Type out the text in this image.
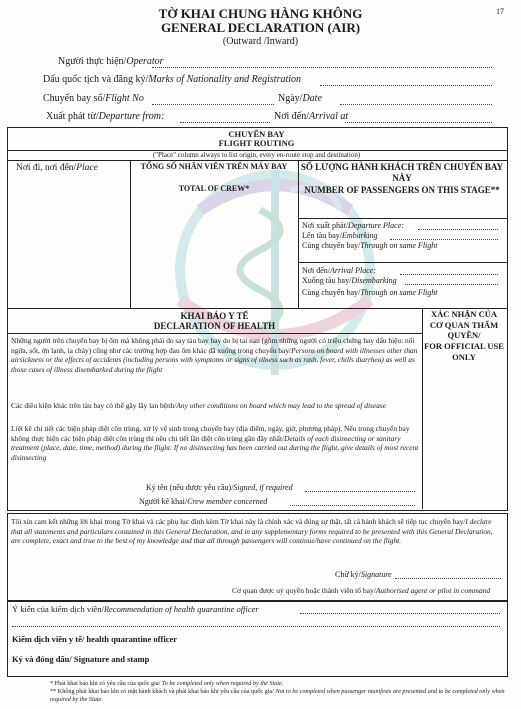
17
TỜ KHAI CHUNG HÀNG KHÔNG
GENERAL DECLARATION (AIR)
(Outward /Inward)
Người thực hiện/Operator
Dấu quốc tịch và đăng ký/Marks of Nationality and Registration
Chuyến bay số/Flight No	Ngày/Date
Xuất phát từ/Departure from:	Nơi đến/Arrival at
CHUYẾN BAY
FLIGHT ROUTING
("Place" column always to list origin, every en-route stop and destination)
Nơi đi, nơi đến/Place	TỔNG SỐ NHÂN VIÊN TRÊN MÁY BAY
TOTAL OF CREW*
SỐ LƯỢNG HÀNH KHÁCH TRÊN CHUYẾN BAY NÀY
NUMBER OF PASSENGERS ON THIS STAGE**
Nơi xuất phát/Departure Place:
Lên tàu bay/Embarking
Cùng chuyến bay/Through on same Flight
Nơi đến/Arrival Place:
Xuống tàu bay/Disembarking
Cùng chuyến bay/Through on same Flight
KHAI BÁO Y TẾ
DECLARATION OF HEALTH
XÁC NHẬN CỦA CƠ QUAN THẨM QUYỀN/
FOR OFFICIAL USE ONLY
Những người trên chuyến bay bị ốm mà không phải do say tàu bay hay do bị tai nạn (gồm những người có triệu chứng hay dấu hiệu: nổi ngứa, sốt, ớn lạnh, ỉa chảy) cũng như các trường hợp đau ốm khác đã xuống trong chuyến bay/Persons on board with illnesses other than airsickness or the effects of accidents (including persons with symptoms or signs of illness such as rash, fever, chills diarrhea) as well as those cases of illness disembarked during the flight
Các điều kiện khác trên tàu bay có thể gây lây lan bệnh/Any other conditions on board which may lead to the spread of disease
Liệt kê chi tiết các biện pháp diệt côn trùng, xử lý vệ sinh trong chuyến bay (địa điểm, ngày, giờ, phương pháp). Nếu trong chuyến bay không thực hiện các biện pháp diệt côn trùng thì nêu chi tiết lần diệt côn trùng gần đây nhất/Details of each disinsecting or sanitary treatment (place, date, time, method) during the flight. If no disinsecting has been carried out during the flight, give details of most recent disinsecting
Ký tên (nếu được yêu cầu)/Signed, if required
Người kê khai/Crew member concerned
Tôi xin cam kết những lời khai trong Tờ khai và các phụ lục đính kèm Tờ khai này là chính xác và đúng sự thật, tất cả hành khách sẽ tiếp tục chuyến bay/I declare that all statements and particulars contained in this General Declaration, and in any supplementary forms required to be presented with this General Declaration, are complete, exact and true to the best of my knowledge and that all through passengers will continue/have continued on the flight.
Chữ ký/Signature
Cơ quan được uỷ quyền hoặc thành viên tổ bay/Authorised agent or pilot in command
Ý kiến của kiểm dịch viên/Recommendation of health quarantine officer
Kiểm dịch viên y tế/ health quarantine officer
Ký và đóng dấu/ Signature and stamp
* Phải khai báo khi có yêu cầu của quốc gia/ To be completed only when required by the State.
** Không phải khai báo khi có mặt hành khách và phải khai báo khi yêu cầu của quốc gia/ Not to be completed when passenger manifests are presented and to be completed only when required by the State.
